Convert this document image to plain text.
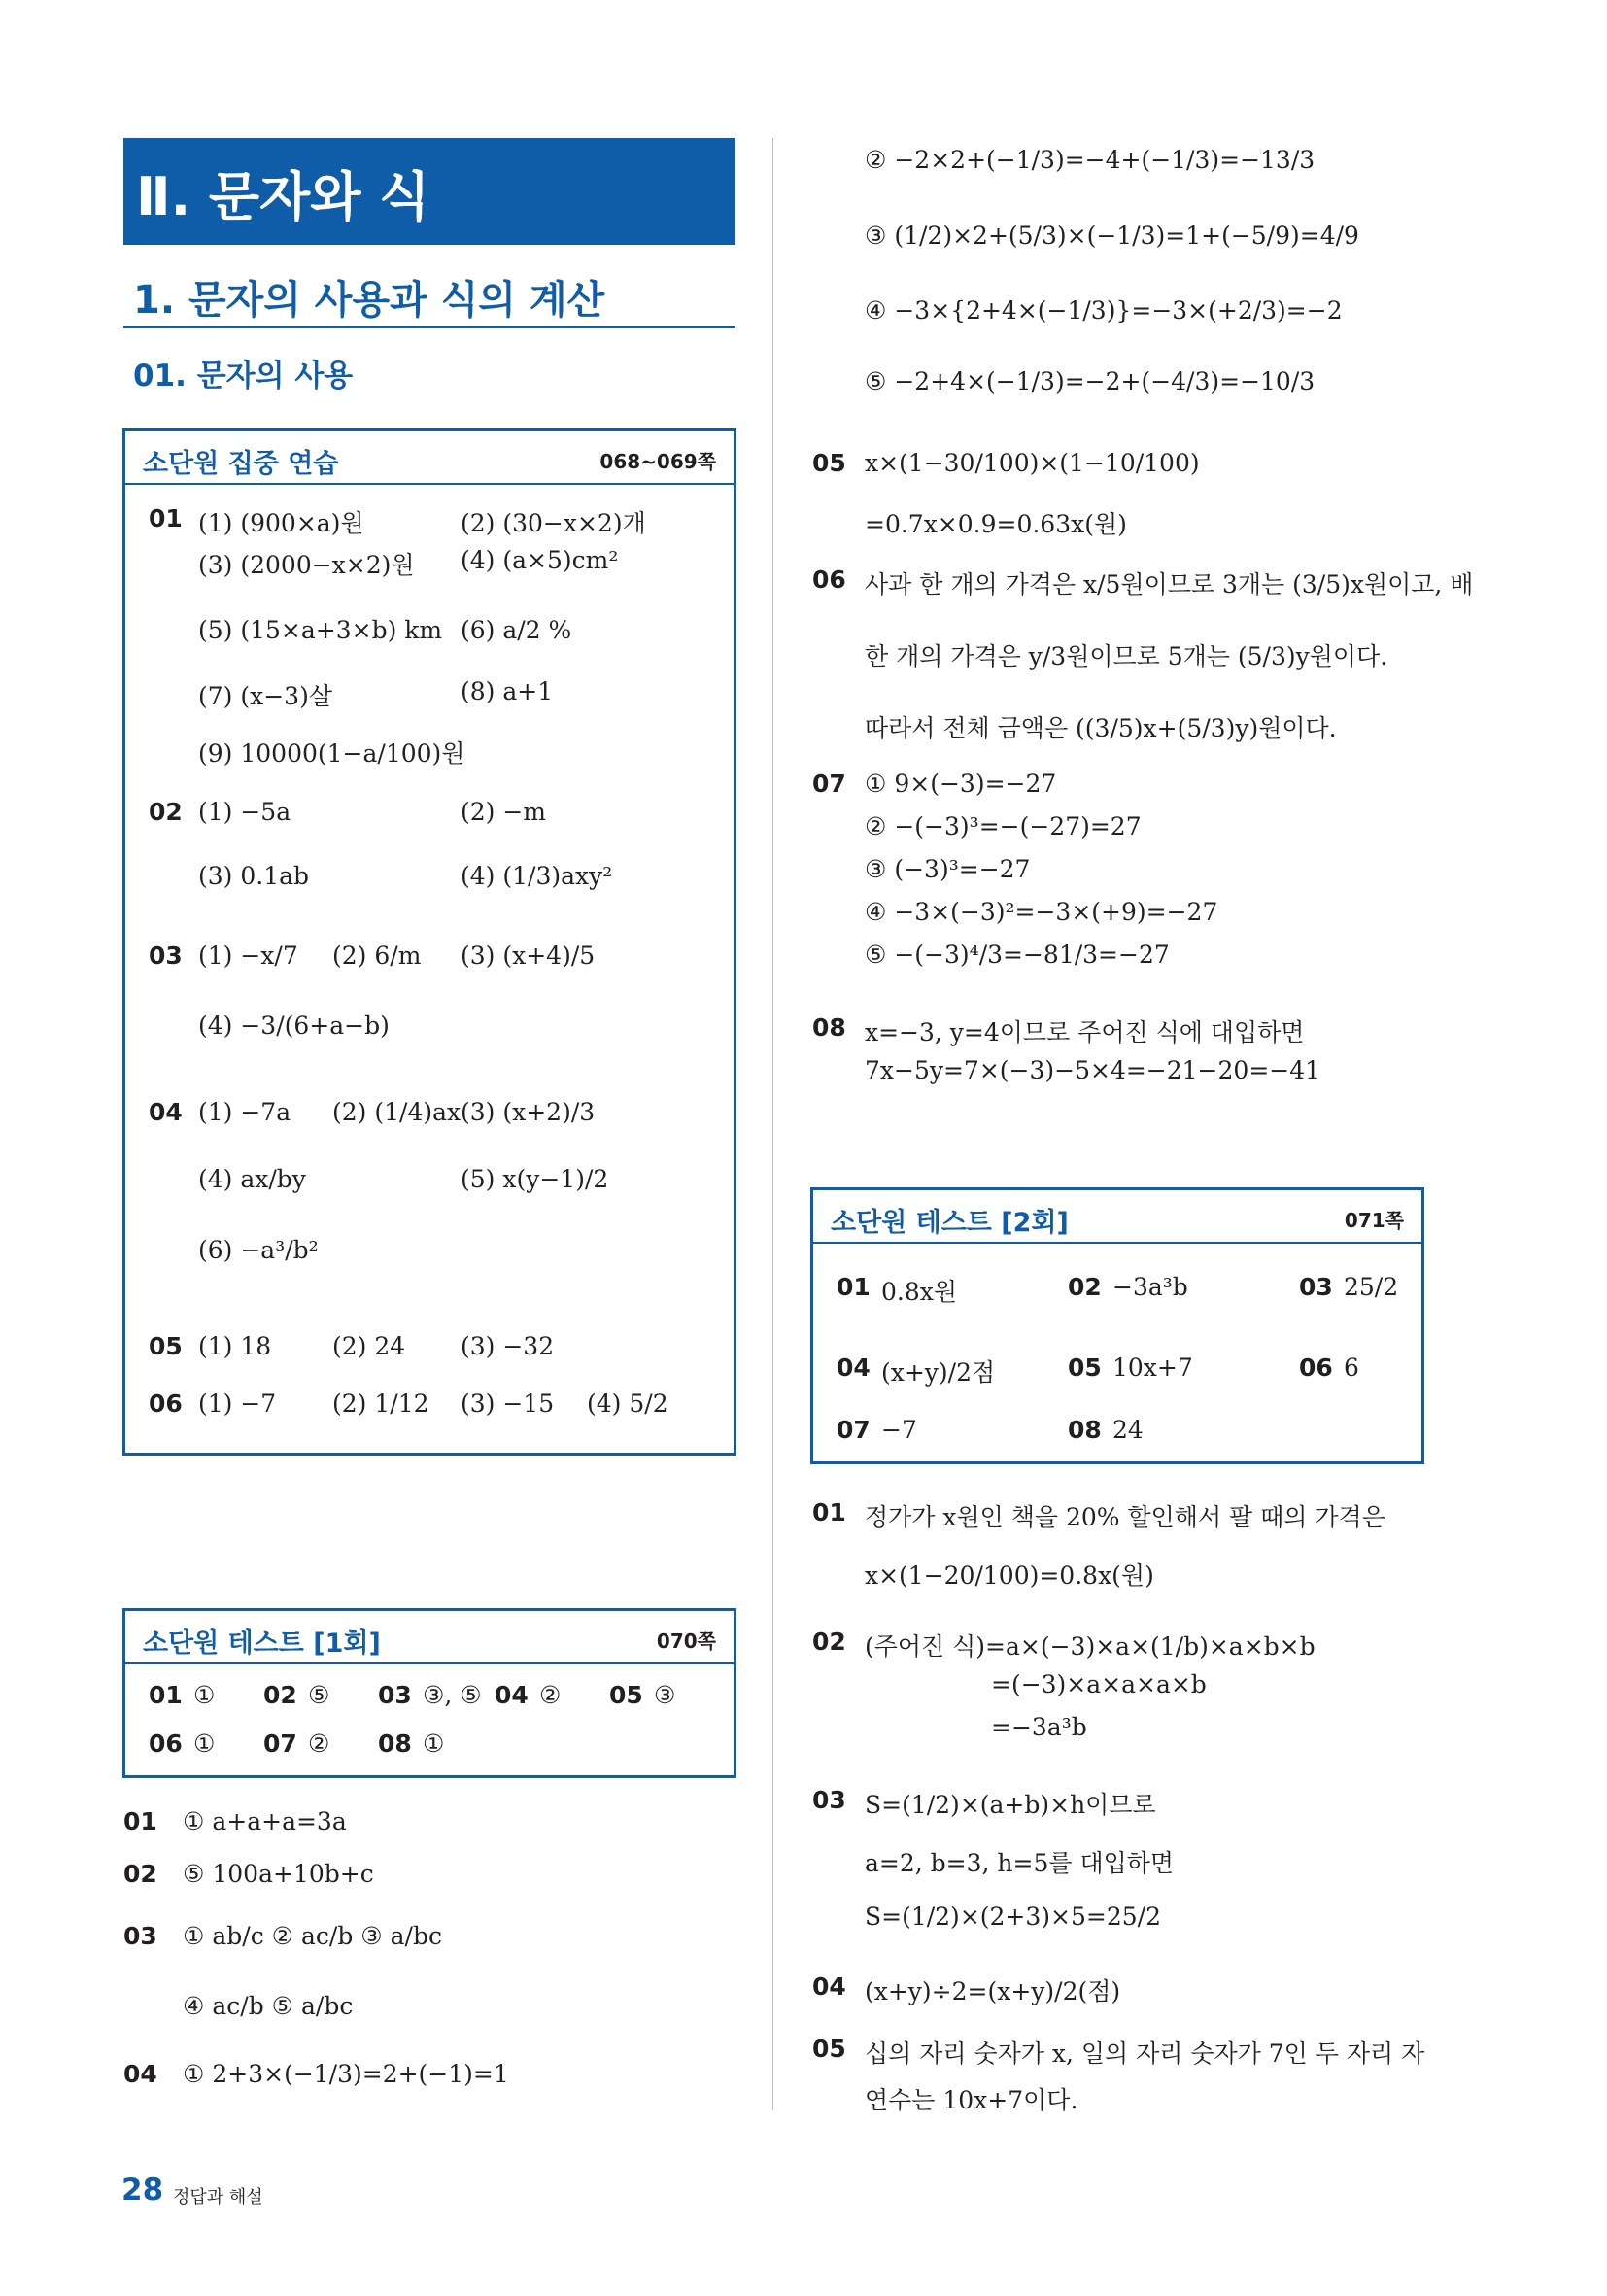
Ⅱ. 문자와 식
1. 문자의 사용과 식의 계산
01. 문자의 사용
소단원 집중 연습	068~069쪽
01 (1) (900×a)원	(2) (30−x×2)개
(3) (2000−x×2)원 (4) (a×5)cm²
(5) (15×a+3×b) km (6) a/2 %
(7) (x−3)살	(8) a+1
(9) 10000(1−a/100)원
02 (1) −5a	(2) −m
(3) 0.1ab	(4) (1/3)axy²
03 (1) −x/7 (2) 6/m (3) (x+4)/5
(4) −3/(6+a−b)
04 (1) −7a (2) (1/4)ax (3) (x+2)/3
(4) ax/by	(5) x(y−1)/2
(6) −a³/b²
05 (1) 18	(2) 24 (3) −32
06 (1) −7 (2) 1/12 (3) −15 (4) 5/2
소단원 테스트 [1회]	070쪽
01 ① 02 ⑤ 03 ③, ⑤ 04 ② 05 ③
06 ① 07 ② 08 ①
01 ① a+a+a=3a
02 ⑤ 100a+10b+c
03 ① ab/c ② ac/b ③ a/bc
④ ac/b ⑤ a/bc
04 ① 2+3×(−1/3)=2+(−1)=1
② −2×2+(−1/3)=−4+(−1/3)=−13/3
③ (1/2)×2+(5/3)×(−1/3)=1+(−5/9)=4/9
④ −3×{2+4×(−1/3)}=−3×(+2/3)=−2
⑤ −2+4×(−1/3)=−2+(−4/3)=−10/3
05 x×(1−30/100)×(1−10/100)
=0.7x×0.9=0.63x(원)
06 사과 한 개의 가격은 x/5원이므로 3개는 (3/5)x원이고, 배
한 개의 가격은 y/3원이므로 5개는 (5/3)y원이다.
따라서 전체 금액은 ((3/5)x+(5/3)y)원이다.
07 ① 9×(−3)=−27
② −(−3)³=−(−27)=27
③ (−3)³=−27
④ −3×(−3)²=−3×(+9)=−27
⑤ −(−3)⁴/3=−81/3=−27
08 x=−3, y=4이므로 주어진 식에 대입하면
7x−5y=7×(−3)−5×4=−21−20=−41
소단원 테스트 [2회]	071쪽
01 0.8x원	02 −3a³b	03 25/2
04 (x+y)/2점	05 10x+7	06 6
07 −7	08 24
01 정가가 x원인 책을 20% 할인해서 팔 때의 가격은
x×(1−20/100)=0.8x(원)
02 (주어진 식)=a×(−3)×a×(1/b)×a×b×b
=(−3)×a×a×a×b
=−3a³b
03 S=(1/2)×(a+b)×h이므로
a=2, b=3, h=5를 대입하면
S=(1/2)×(2+3)×5=25/2
04 (x+y)÷2=(x+y)/2(점)
05 십의 자리 숫자가 x, 일의 자리 숫자가 7인 두 자리 자
연수는 10x+7이다.
28 정답과 해설
